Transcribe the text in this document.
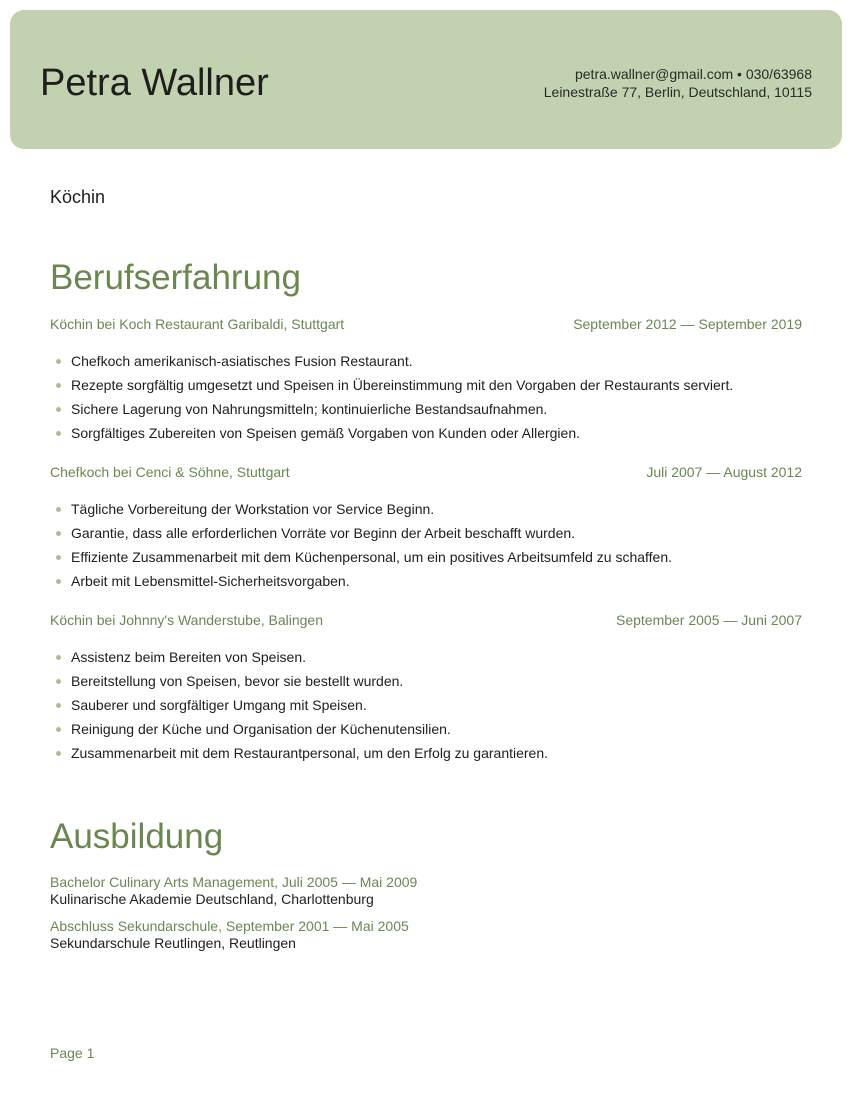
Petra Wallner	petra.wallner@gmail.com • 030/63968
Leinestraße 77, Berlin, Deutschland, 10115
Köchin
Berufserfahrung
Köchin bei Koch Restaurant Garibaldi, Stuttgart	September 2012 — September 2019
Chefkoch amerikanisch-asiatisches Fusion Restaurant.
Rezepte sorgfältig umgesetzt und Speisen in Übereinstimmung mit den Vorgaben der Restaurants serviert.
Sichere Lagerung von Nahrungsmitteln; kontinuierliche Bestandsaufnahmen.
Sorgfältiges Zubereiten von Speisen gemäß Vorgaben von Kunden oder Allergien.
Chefkoch bei Cenci & Söhne, Stuttgart	Juli 2007 — August 2012
Tägliche Vorbereitung der Workstation vor Service Beginn.
Garantie, dass alle erforderlichen Vorräte vor Beginn der Arbeit beschafft wurden.
Effiziente Zusammenarbeit mit dem Küchenpersonal, um ein positives Arbeitsumfeld zu schaffen.
Arbeit mit Lebensmittel-Sicherheitsvorgaben.
Köchin bei Johnny's Wanderstube, Balingen	September 2005 — Juni 2007
Assistenz beim Bereiten von Speisen.
Bereitstellung von Speisen, bevor sie bestellt wurden.
Sauberer und sorgfältiger Umgang mit Speisen.
Reinigung der Küche und Organisation der Küchenutensilien.
Zusammenarbeit mit dem Restaurantpersonal, um den Erfolg zu garantieren.
Ausbildung
Bachelor Culinary Arts Management, Juli 2005 — Mai 2009
Kulinarische Akademie Deutschland, Charlottenburg
Abschluss Sekundarschule, September 2001 — Mai 2005
Sekundarschule Reutlingen, Reutlingen
Page 1
